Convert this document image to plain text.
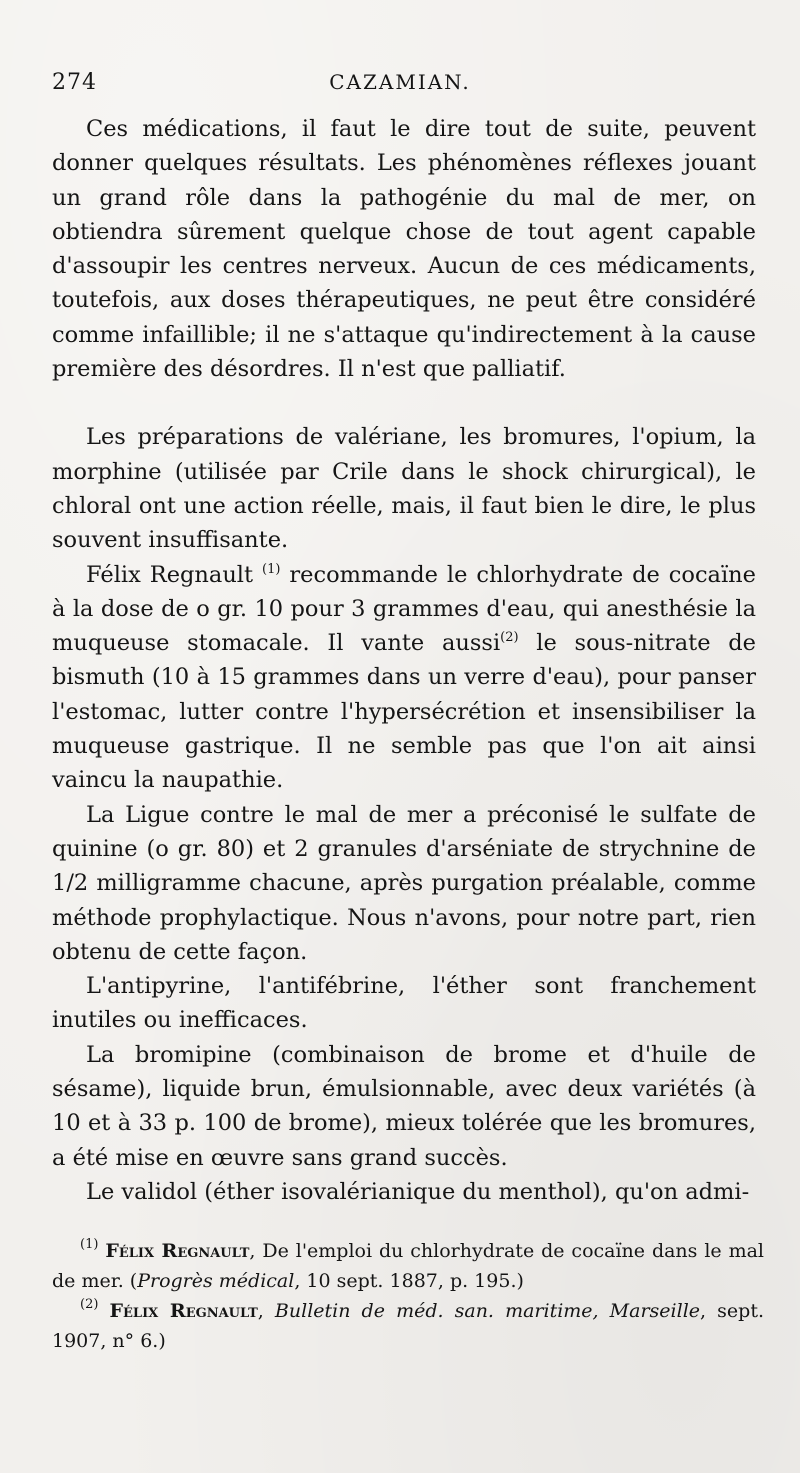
274	CAZAMIAN.

Ces médications, il faut le dire tout de suite, peuvent donner quelques résultats. Les phénomènes réflexes jouant un grand rôle dans la pathogénie du mal de mer, on obtiendra sûrement quelque chose de tout agent capable d'assoupir les centres nerveux. Aucun de ces médicaments, toutefois, aux doses thérapeutiques, ne peut être considéré comme infaillible; il ne s'attaque qu'indirectement à la cause première des désordres. Il n'est que palliatif.

Les préparations de valériane, les bromures, l'opium, la morphine (utilisée par Crile dans le shock chirurgical), le chloral ont une action réelle, mais, il faut bien le dire, le plus souvent insuffisante.

Félix Regnault $^{(1)}$ recommande le chlorhydrate de cocaïne à la dose de o gr. 10 pour 3 grammes d'eau, qui anesthésie la muqueuse stomacale. Il vante aussi$^{(2)}$ le sous-nitrate de bismuth (10 à 15 grammes dans un verre d'eau), pour panser l'estomac, lutter contre l'hypersécrétion et insensibiliser la muqueuse gastrique. Il ne semble pas que l'on ait ainsi vaincu la naupathie.

La Ligue contre le mal de mer a préconisé le sulfate de quinine (o gr. 80) et 2 granules d'arséniate de strychnine de 1/2 milligramme chacune, après purgation préalable, comme méthode prophylactique. Nous n'avons, pour notre part, rien obtenu de cette façon.

L'antipyrine, l'antifébrine, l'éther sont franchement inutiles ou inefficaces.

La bromipine (combinaison de brome et d'huile de sésame), liquide brun, émulsionnable, avec deux variétés (à 10 et à 33 p. 100 de brome), mieux tolérée que les bromures, a été mise en œuvre sans grand succès.

Le validol (éther isovalérianique du menthol), qu'on admi-

$^{(1)}$ Félix Regnault, De l'emploi du chlorhydrate de cocaïne dans le mal de mer. (Progrès médical, 10 sept. 1887, p. 195.)

$^{(2)}$ Félix Regnault, Bulletin de méd. san. maritime, Marseille, sept. 1907, n° 6.)
